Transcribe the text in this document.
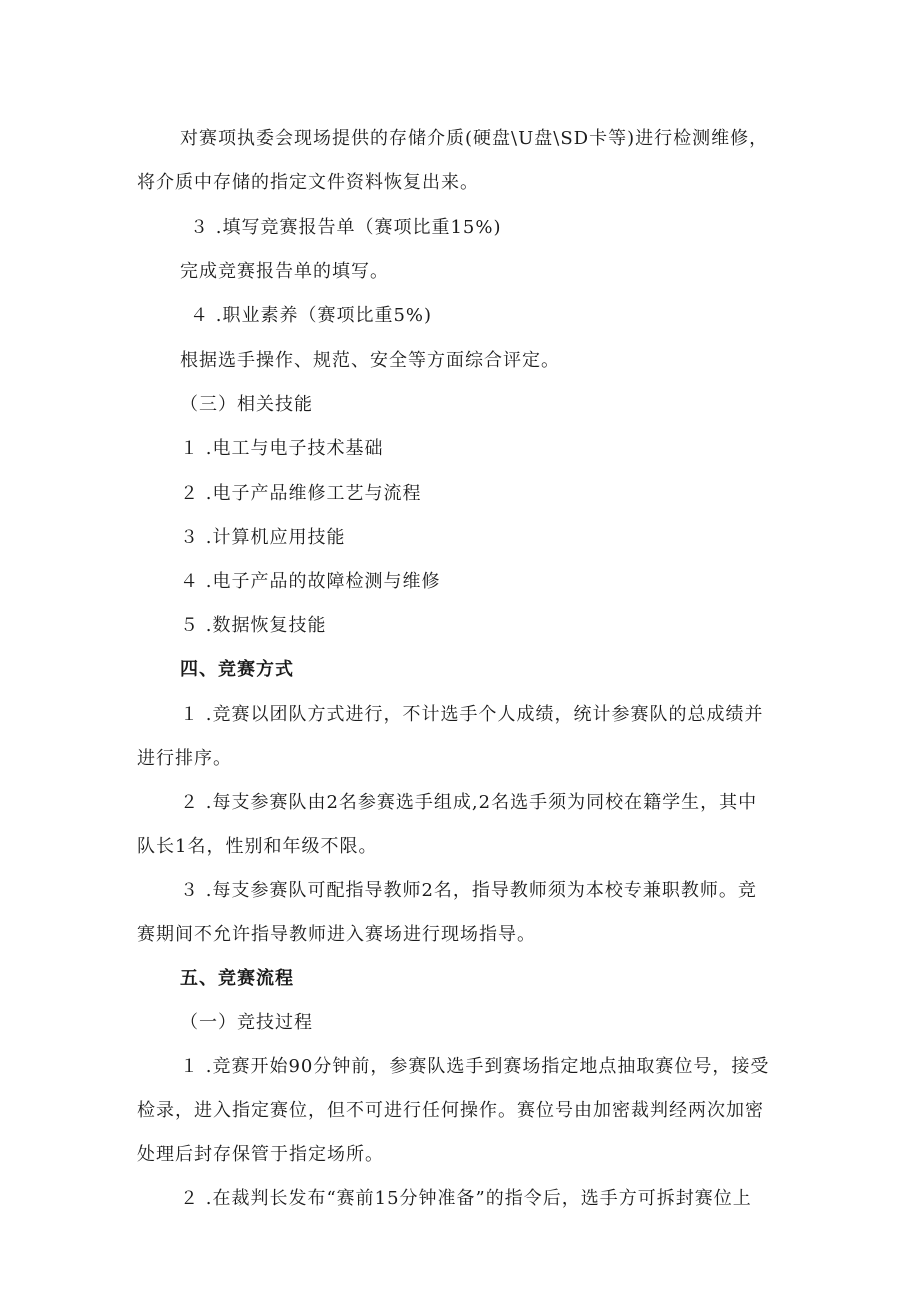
对赛项执委会现场提供的存储介质(硬盘\U盘\SD卡等)进行检测维修，
将介质中存储的指定文件资料恢复出来。
３ .填写竞赛报告单（赛项比重15%)
完成竞赛报告单的填写。
４ .职业素养（赛项比重5%)
根据选手操作、规范、安全等方面综合评定。
（三）相关技能
１ .电工与电子技术基础
２ .电子产品维修工艺与流程
３ .计算机应用技能
４ .电子产品的故障检测与维修
５ .数据恢复技能
四、竞赛方式
１ .竞赛以团队方式进行，不计选手个人成绩，统计参赛队的总成绩并
进行排序。
２ .每支参赛队由2名参赛选手组成,2名选手须为同校在籍学生，其中
队长1名，性别和年级不限。
３ .每支参赛队可配指导教师2名，指导教师须为本校专兼职教师。竞
赛期间不允许指导教师进入赛场进行现场指导。
五、竞赛流程
（一）竞技过程
１ .竞赛开始90分钟前，参赛队选手到赛场指定地点抽取赛位号，接受
检录，进入指定赛位，但不可进行任何操作。赛位号由加密裁判经两次加密
处理后封存保管于指定场所。
２ .在裁判长发布“赛前15分钟准备”的指令后，选手方可拆封赛位上
